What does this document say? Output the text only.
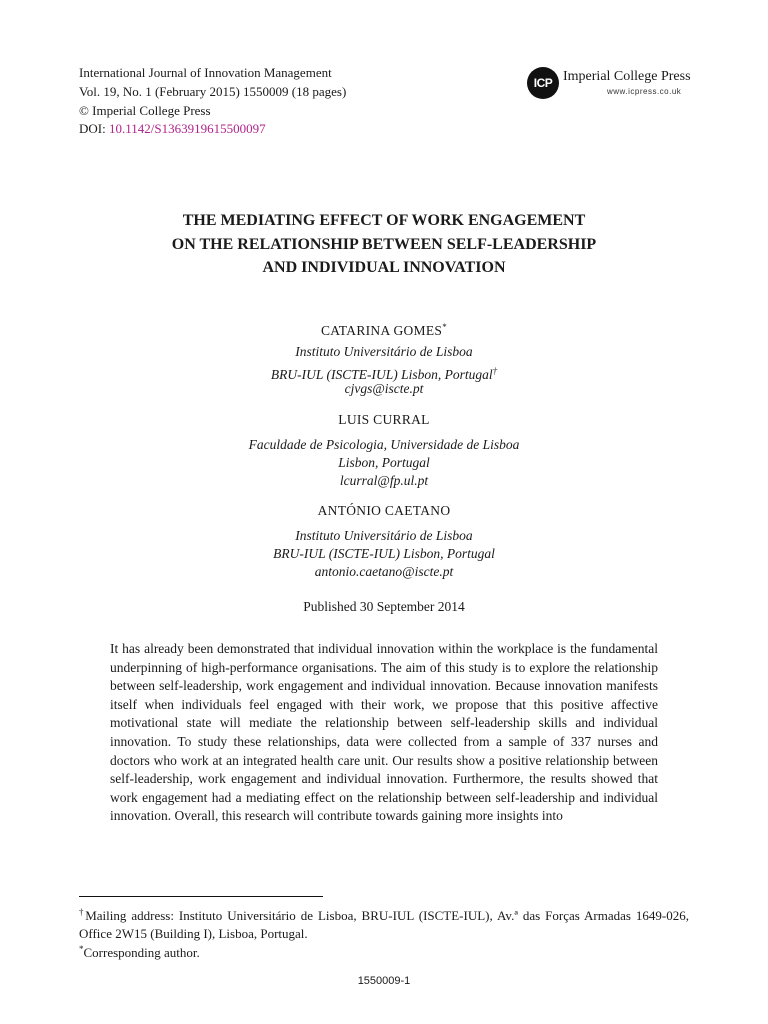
International Journal of Innovation Management
Vol. 19, No. 1 (February 2015) 1550009 (18 pages)
© Imperial College Press
DOI: 10.1142/S1363919615500097
ICP Imperial College Press
www.icpress.co.uk
THE MEDIATING EFFECT OF WORK ENGAGEMENT
ON THE RELATIONSHIP BETWEEN SELF-LEADERSHIP
AND INDIVIDUAL INNOVATION
CATARINA GOMES*
Instituto Universitário de Lisboa
BRU-IUL (ISCTE-IUL) Lisbon, Portugal†
cjvgs@iscte.pt
LUIS CURRAL
Faculdade de Psicologia, Universidade de Lisboa
Lisbon, Portugal
lcurral@fp.ul.pt
ANTÓNIO CAETANO
Instituto Universitário de Lisboa
BRU-IUL (ISCTE-IUL) Lisbon, Portugal
antonio.caetano@iscte.pt
Published 30 September 2014

It has already been demonstrated that individual innovation within the workplace is the fundamental underpinning of high-performance organisations. The aim of this study is to explore the relationship between self-leadership, work engagement and individual innovation. Because innovation manifests itself when individuals feel engaged with their work, we propose that this positive affective motivational state will mediate the relationship between self-leadership skills and individual innovation. To study these relationships, data were collected from a sample of 337 nurses and doctors who work at an integrated health care unit. Our results show a positive relationship between self-leadership, work engagement and individual innovation. Furthermore, the results showed that work engagement had a mediating effect on the relationship between self-leadership and individual innovation. Overall, this research will contribute towards gaining more insights into

†Mailing address: Instituto Universitário de Lisboa, BRU-IUL (ISCTE-IUL), Av.ª das Forças Armadas 1649-026, Office 2W15 (Building I), Lisboa, Portugal.
*Corresponding author.
1550009-1
